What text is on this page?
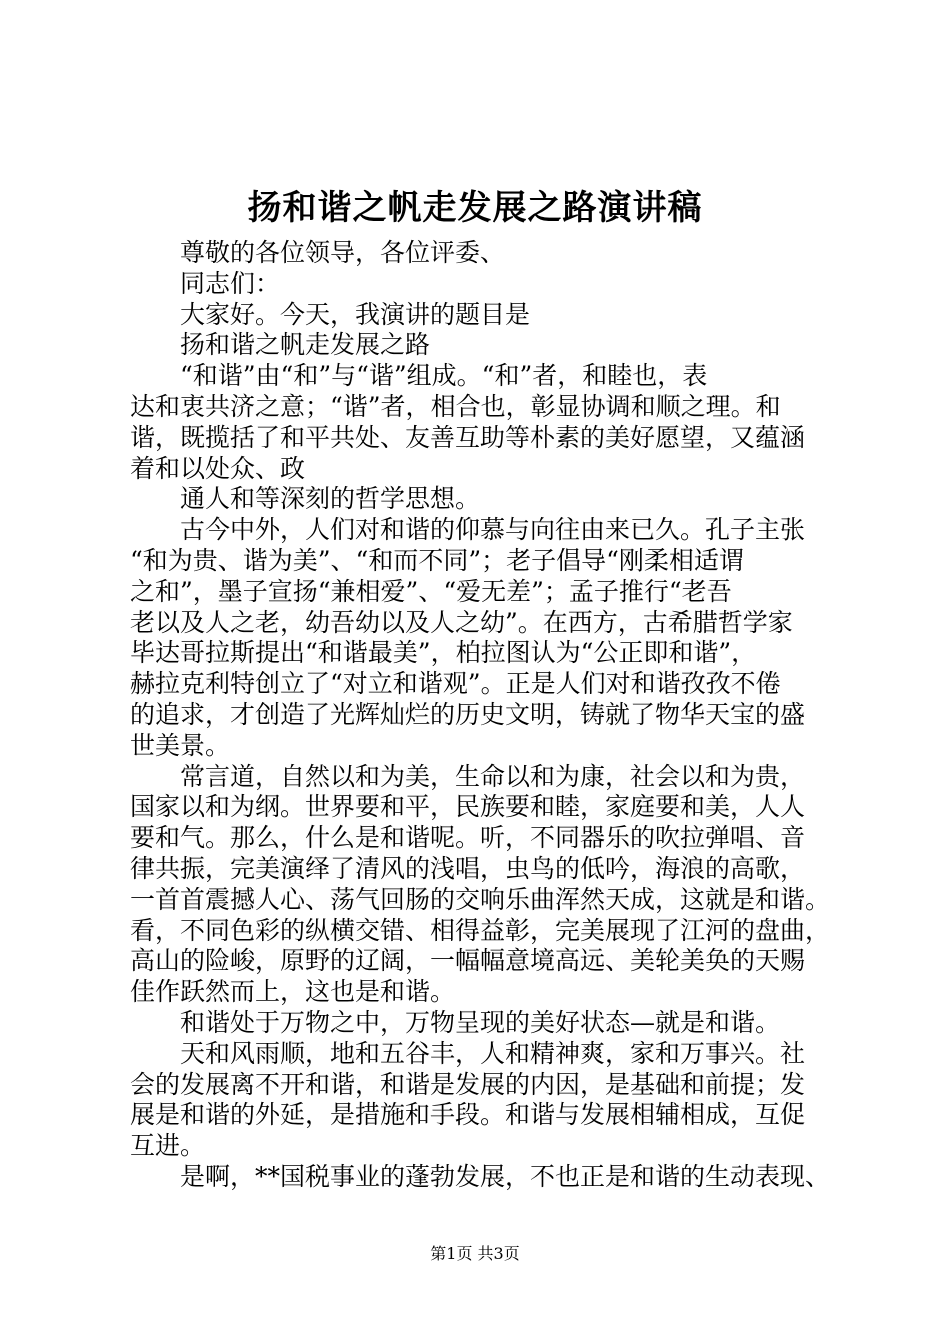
扬和谐之帆走发展之路演讲稿

　　尊敬的各位领导，各位评委、

　　同志们：

　　大家好。今天，我演讲的题目是

　　扬和谐之帆走发展之路

　　“和谐”由“和”与“谐”组成。“和”者，和睦也，表

达和衷共济之意；“谐”者，相合也，彰显协调和顺之理。和

谐，既揽括了和平共处、友善互助等朴素的美好愿望，又蕴涵

着和以处众、政

　　通人和等深刻的哲学思想。

　　古今中外，人们对和谐的仰慕与向往由来已久。孔子主张

“和为贵、谐为美”、“和而不同”；老子倡导“刚柔相适谓

之和”，墨子宣扬“兼相爱”、“爱无差”；孟子推行“老吾

老以及人之老，幼吾幼以及人之幼”。在西方，古希腊哲学家

毕达哥拉斯提出“和谐最美”，柏拉图认为“公正即和谐”，

赫拉克利特创立了“对立和谐观”。正是人们对和谐孜孜不倦

的追求，才创造了光辉灿烂的历史文明，铸就了物华天宝的盛

世美景。

　　常言道，自然以和为美，生命以和为康，社会以和为贵，

国家以和为纲。世界要和平，民族要和睦，家庭要和美，人人

要和气。那么，什么是和谐呢。听，不同器乐的吹拉弹唱、音

律共振，完美演绎了清风的浅唱，虫鸟的低吟，海浪的高歌，

一首首震撼人心、荡气回肠的交响乐曲浑然天成，这就是和谐。

看，不同色彩的纵横交错、相得益彰，完美展现了江河的盘曲，

高山的险峻，原野的辽阔，一幅幅意境高远、美轮美奂的天赐

佳作跃然而上，这也是和谐。

　　和谐处于万物之中，万物呈现的美好状态—就是和谐。

　　天和风雨顺，地和五谷丰，人和精神爽，家和万事兴。社

会的发展离不开和谐，和谐是发展的内因，是基础和前提；发

展是和谐的外延，是措施和手段。和谐与发展相辅相成，互促

互进。

　　是啊，**国税事业的蓬勃发展，不也正是和谐的生动表现、

第1页 共3页
